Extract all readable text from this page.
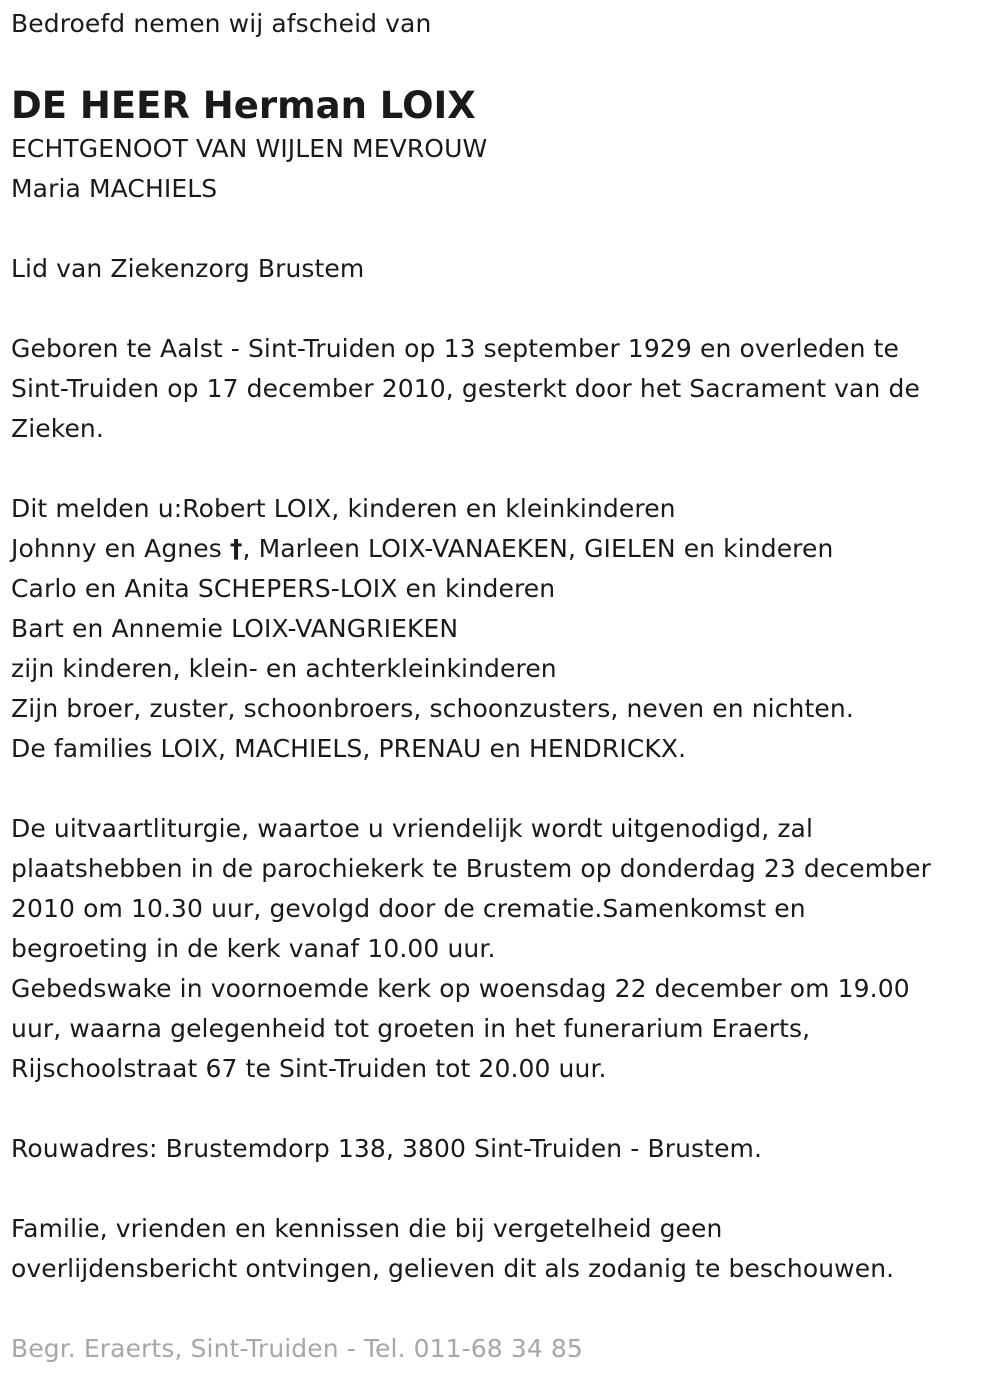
Bedroefd nemen wij afscheid van
DE HEER Herman LOIX
ECHTGENOOT VAN WIJLEN MEVROUW
Maria MACHIELS
Lid van Ziekenzorg Brustem
Geboren te Aalst - Sint-Truiden op 13 september 1929 en overleden te
Sint-Truiden op 17 december 2010, gesterkt door het Sacrament van de
Zieken.
Dit melden u:Robert LOIX, kinderen en kleinkinderen
Johnny en Agnes †, Marleen LOIX-VANAEKEN, GIELEN en kinderen
Carlo en Anita SCHEPERS-LOIX en kinderen
Bart en Annemie LOIX-VANGRIEKEN
zijn kinderen, klein- en achterkleinkinderen
Zijn broer, zuster, schoonbroers, schoonzusters, neven en nichten.
De families LOIX, MACHIELS, PRENAU en HENDRICKX.
De uitvaartliturgie, waartoe u vriendelijk wordt uitgenodigd, zal
plaatshebben in de parochiekerk te Brustem op donderdag 23 december
2010 om 10.30 uur, gevolgd door de crematie.Samenkomst en
begroeting in de kerk vanaf 10.00 uur.
Gebedswake in voornoemde kerk op woensdag 22 december om 19.00
uur, waarna gelegenheid tot groeten in het funerarium Eraerts,
Rijschoolstraat 67 te Sint-Truiden tot 20.00 uur.
Rouwadres: Brustemdorp 138, 3800 Sint-Truiden - Brustem.
Familie, vrienden en kennissen die bij vergetelheid geen
overlijdensbericht ontvingen, gelieven dit als zodanig te beschouwen.
Begr. Eraerts, Sint-Truiden - Tel. 011-68 34 85
